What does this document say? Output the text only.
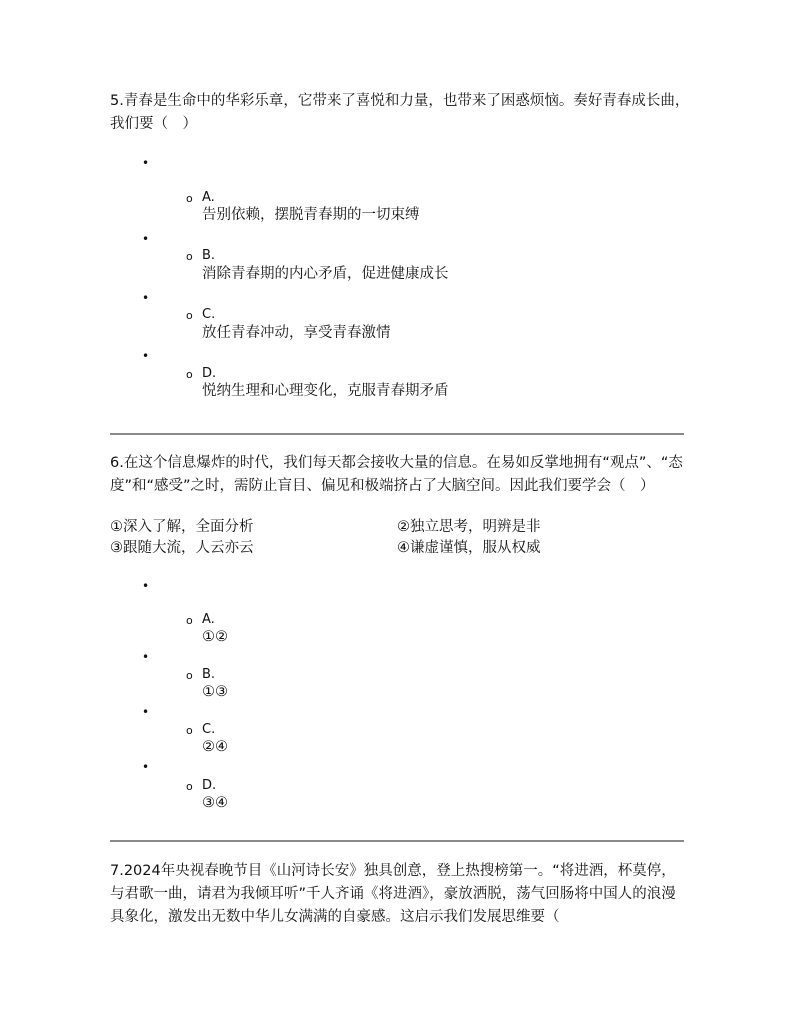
5.青春是生命中的华彩乐章，它带来了喜悦和力量，也带来了困惑烦恼。奏好青春成长曲，我们要（　）

•
o A.
告别依赖，摆脱青春期的一切束缚
•
o B.
消除青春期的内心矛盾，促进健康成长
•
o C.
放任青春冲动，享受青春激情
•
o D.
悦纳生理和心理变化，克服青春期矛盾

6.在这个信息爆炸的时代，我们每天都会接收大量的信息。在易如反掌地拥有“观点”、“态度”和“感受”之时，需防止盲目、偏见和极端挤占了大脑空间。因此我们要学会（　）

①深入了解，全面分析	②独立思考，明辨是非
③跟随大流，人云亦云	④谦虚谨慎，服从权威
•
o A.
①②
•
o B.
①③
•
o C.
②④
•
o D.
③④

7.2024年央视春晚节目《山河诗长安》独具创意，登上热搜榜第一。“将进酒，杯莫停，与君歌一曲，请君为我倾耳听”千人齐诵《将进酒》，豪放洒脱，荡气回肠将中国人的浪漫具象化，激发出无数中华儿女满满的自豪感。这启示我们发展思维要（
